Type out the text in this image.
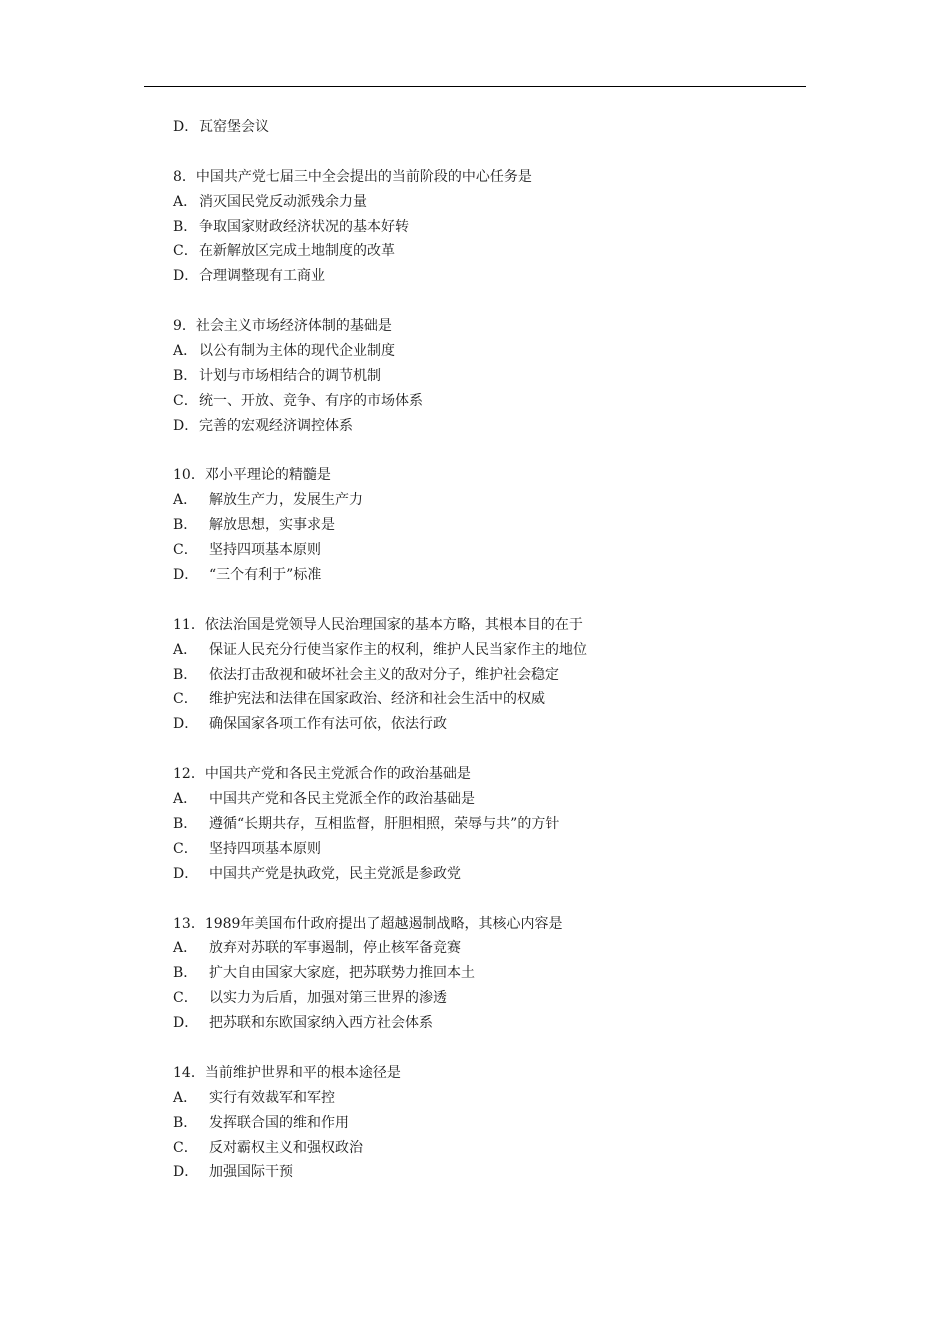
D．瓦窑堡会议
8．中国共产党七届三中全会提出的当前阶段的中心任务是
A． 消灭国民党反动派残余力量
B． 争取国家财政经济状况的基本好转
C．在新解放区完成土地制度的改革
D．合理调整现有工商业
9．社会主义市场经济体制的基础是
A． 以公有制为主体的现代企业制度
B． 计划与市场相结合的调节机制
C．统一、开放、竞争、有序的市场体系
D．完善的宏观经济调控体系
10．邓小平理论的精髓是
A． 解放生产力，发展生产力
B． 解放思想，实事求是
C． 坚持四项基本原则
D． “三个有利于”标准
11．依法治国是党领导人民治理国家的基本方略，其根本目的在于
A． 保证人民充分行使当家作主的权利，维护人民当家作主的地位
B． 依法打击敌视和破坏社会主义的敌对分子，维护社会稳定
C． 维护宪法和法律在国家政治、经济和社会生活中的权威
D． 确保国家各项工作有法可依，依法行政
12．中国共产党和各民主党派合作的政治基础是
A． 中国共产党和各民主党派全作的政治基础是
B． 遵循“长期共存，互相监督，肝胆相照，荣辱与共”的方针
C． 坚持四项基本原则
D． 中国共产党是执政党，民主党派是参政党
13．1989年美国布什政府提出了超越遏制战略，其核心内容是
A． 放弃对苏联的军事遏制，停止核军备竞赛
B． 扩大自由国家大家庭，把苏联势力推回本土
C． 以实力为后盾，加强对第三世界的渗透
D． 把苏联和东欧国家纳入西方社会体系
14．当前维护世界和平的根本途径是
A． 实行有效裁军和军控
B． 发挥联合国的维和作用
C． 反对霸权主义和强权政治
D． 加强国际干预
